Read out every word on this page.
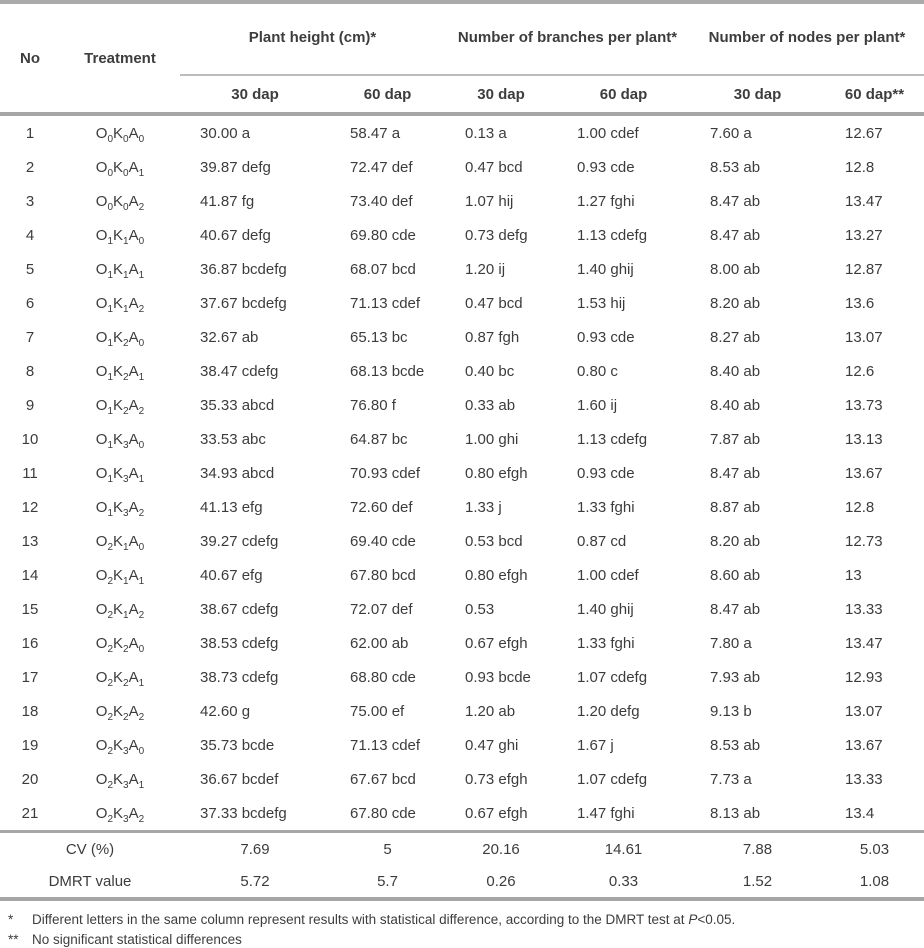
No	Treatment	Plant height (cm)*		Number of branches per plant*		Number of nodes per plant*	
		30 dap	60 dap	30 dap	60 dap	30 dap	60 dap**
1	$O_0K_0A_0$	30.00 a	58.47 a	0.13 a	1.00 cdef	7.60 a	12.67
2	$O_0K_0A_1$	39.87 defg	72.47 def	0.47 bcd	0.93 cde	8.53 ab	12.8
3	$O_0K_0A_2$	41.87 fg	73.40 def	1.07 hij	1.27 fghi	8.47 ab	13.47
4	$O_1K_1A_0$	40.67 defg	69.80 cde	0.73 defg	1.13 cdefg	8.47 ab	13.27
5	$O_1K_1A_1$	36.87 bcdefg	68.07 bcd	1.20 ij	1.40 ghij	8.00 ab	12.87
6	$O_1K_1A_2$	37.67 bcdefg	71.13 cdef	0.47 bcd	1.53 hij	8.20 ab	13.6
7	$O_1K_2A_0$	32.67 ab	65.13 bc	0.87 fgh	0.93 cde	8.27 ab	13.07
8	$O_1K_2A_1$	38.47 cdefg	68.13 bcde	0.40 bc	0.80 c	8.40 ab	12.6
9	$O_1K_2A_2$	35.33 abcd	76.80 f	0.33 ab	1.60 ij	8.40 ab	13.73
10	$O_1K_3A_0$	33.53 abc	64.87 bc	1.00 ghi	1.13 cdefg	7.87 ab	13.13
11	$O_1K_3A_1$	34.93 abcd	70.93 cdef	0.80 efgh	0.93 cde	8.47 ab	13.67
12	$O_1K_3A_2$	41.13 efg	72.60 def	1.33 j	1.33 fghi	8.87 ab	12.8
13	$O_2K_1A_0$	39.27 cdefg	69.40 cde	0.53 bcd	0.87 cd	8.20 ab	12.73
14	$O_2K_1A_1$	40.67 efg	67.80 bcd	0.80 efgh	1.00 cdef	8.60 ab	13
15	$O_2K_1A_2$	38.67 cdefg	72.07 def	0.53	1.40 ghij	8.47 ab	13.33
16	$O_2K_2A_0$	38.53 cdefg	62.00 ab	0.67 efgh	1.33 fghi	7.80 a	13.47
17	$O_2K_2A_1$	38.73 cdefg	68.80 cde	0.93 bcde	1.07 cdefg	7.93 ab	12.93
18	$O_2K_2A_2$	42.60 g	75.00 ef	1.20 ab	1.20 defg	9.13 b	13.07
19	$O_2K_3A_0$	35.73 bcde	71.13 cdef	0.47 ghi	1.67 j	8.53 ab	13.67
20	$O_2K_3A_1$	36.67 bcdef	67.67 bcd	0.73 efgh	1.07 cdefg	7.73 a	13.33
21	$O_2K_3A_2$	37.33 bcdefg	67.80 cde	0.67 efgh	1.47 fghi	8.13 ab	13.4
CV (%)		7.69	5	20.16	14.61	7.88	5.03
DMRT value		5.72	5.7	0.26	0.33	1.52	1.08
*	Different letters in the same column represent results with statistical difference, according to the DMRT test at P<0.05.
** No significant statistical differences
